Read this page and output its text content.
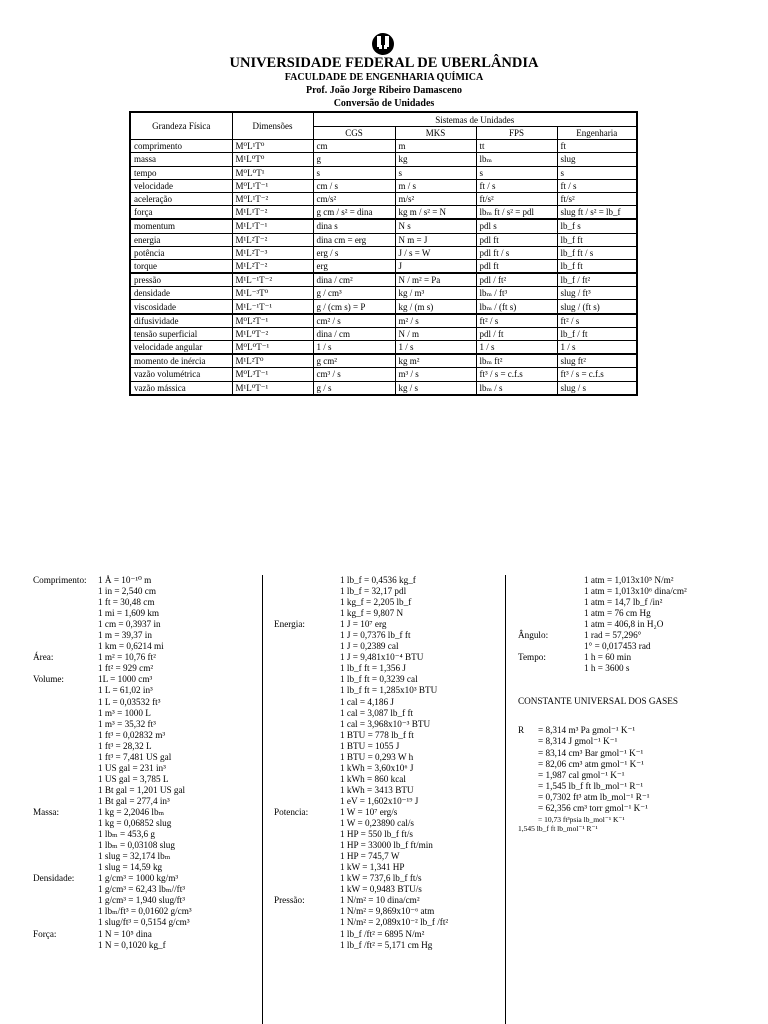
UNIVERSIDADE FEDERAL DE UBERLÂNDIA
FACULDADE DE ENGENHARIA QUÍMICA
Prof. João Jorge Ribeiro Damasceno
Conversão de Unidades
Grandeza Física	Dimensões	Sistemas de Unidades			
		CGS	MKS	FPS	Engenharia
comprimento	M⁰L¹T⁰	cm	m	tt	ft
massa	M¹L⁰T⁰	g	kg	lbₘ	slug
tempo	M⁰L⁰T¹	s	s	s	s
velocidade	M⁰L¹T⁻¹	cm / s	m / s	ft / s	ft / s
aceleração	M⁰L¹T⁻²	cm/s²	m/s²	ft/s²	ft/s²
força	M¹L¹T⁻²	g cm / s² = dina	kg m / s² = N	lbₘ ft / s² = pdl	slug ft / s² = lb_f
momentum	M¹L¹T⁻¹	dina s	N s	pdl s	lb_f s
energia	M¹L²T⁻²	dina cm = erg	N m = J	pdl ft	lb_f ft
potência	M¹L²T⁻³	erg / s	J / s = W	pdl ft / s	lb_f ft / s
torque	M¹L²T⁻²	erg	J	pdl ft	lb_f ft
pressão	M¹L⁻¹T⁻²	dina / cm²	N / m² = Pa	pdl / ft²	lb_f / ft²
densidade	M¹L⁻³T⁰	g / cm³	kg / m³	lbₘ / ft³	slug / ft³
viscosidade	M¹L⁻¹T⁻¹	g / (cm s) = P	kg / (m s)	lbₘ / (ft s)	slug / (ft s)
difusividade	M⁰L²T⁻¹	cm² / s	m² / s	ft² / s	ft² / s
tensão superficial	M¹L⁰T⁻²	dina / cm	N / m	pdl / ft	lb_f / ft
velocidade angular	M⁰L⁰T⁻¹	1 / s	1 / s	1 / s	1 / s
momento de inércia	M¹L²T⁰	g cm²	kg m²	lbₘ ft²	slug ft²
vazão volumétrica	M⁰L³T⁻¹	cm³ / s	m³ / s	ft³ / s = c.f.s	ft³ / s = c.f.s
vazão mássica	M¹L⁰T⁻¹	g / s	kg / s	lbₘ / s	slug / s
Comprimento: 1 Å = 10⁻¹⁰ m
1 in = 2,540 cm
1 ft = 30,48 cm
1 mi = 1,609 km
1 cm = 0,3937 in
1 m = 39,37 in
1 km = 0,6214 mi
Área:	1 m² = 10,76 ft²
1 ft² = 929 cm²
Volume:	1L = 1000 cm³
1 L = 61,02 in³
1 L = 0,03532 ft³
1 m³ = 1000 L
1 m³ = 35,32 ft³
1 ft³ = 0,02832 m³
1 ft³ = 28,32 L
1 ft³ = 7,481 US gal
1 US gal = 231 in³
1 US gal = 3,785 L
1 Bt gal = 1,201 US gal
1 Bt gal = 277,4 in³
Massa:	1 kg = 2,2046 lbₘ
1 kg = 0,06852 slug
1 lbₘ = 453,6 g
1 lbₘ = 0,03108 slug
1 slug = 32,174 lbₘ
1 slug = 14,59 kg
Densidade:	1 g/cm³ = 1000 kg/m³
1 g/cm³ = 62,43 lbₘ//ft³
1 g/cm³ = 1,940 slug/ft³
1 lbₘ/ft³ = 0,01602 g/cm³
1 slug/ft³ = 0,5154 g/cm³
Força:	1 N = 10⁵ dina
1 N = 0,1020 kg_f
1 lb_f = 0,4536 kg_f
1 lb_f = 32,17 pdl
1 kg_f = 2,205 lb_f
1 kg_f = 9,807 N
Energia:	1 J = 10⁷ erg
1 J = 0,7376 lb_f ft
1 J = 0,2389 cal
1 J = 9,481x10⁻⁴ BTU
1 lb_f ft = 1,356 J
1 lb_f ft = 0,3239 cal
1 lb_f ft = 1,285x10³ BTU
1 cal = 4,186 J
1 cal = 3,087 lb_f ft
1 cal = 3,968x10⁻³ BTU
1 BTU = 778 lb_f ft
1 BTU = 1055 J
1 BTU = 0,293 W h
1 kWh = 3,60x10⁶ J
1 kWh = 860 kcal
1 kWh = 3413 BTU
1 eV = 1,602x10⁻¹⁹ J
Potencia:	1 W = 10⁷ erg/s
1 W = 0,23890 cal/s
1 HP = 550 lb_f ft/s
1 HP = 33000 lb_f ft/min
1 HP = 745,7 W
1 kW = 1,341 HP
1 kW = 737,6 lb_f ft/s
1 kW = 0,9483 BTU/s
Pressão:	1 N/m² = 10 dina/cm²
1 N/m² = 9,869x10⁻⁶ atm
1 N/m² = 2,089x10⁻² lb_f /ft²
1 lb_f /ft² = 6895 N/m²
1 lb_f /ft² = 5,171 cm Hg
1 atm = 1,013x10⁵ N/m²
1 atm = 1,013x10⁶ dina/cm²
1 atm = 14,7 lb_f /in²
1 atm = 76 cm Hg
1 atm = 406,8 in H₂O
Ângulo:	1 rad = 57,296°
1° = 0,017453 rad
Tempo:	1 h = 60 min
1 h = 3600 s
CONSTANTE UNIVERSAL DOS GASES
R = 8,314 m³ Pa gmol⁻¹ K⁻¹
= 8,314 J gmol⁻¹ K⁻¹
= 83,14 cm³ Bar gmol⁻¹ K⁻¹
= 82,06 cm³ atm gmol⁻¹ K⁻¹
= 1,987 cal gmol⁻¹ K⁻¹
= 1,545 lb_f ft lb_mol⁻¹ R⁻¹
= 0,7302 ft³ atm lb_mol⁻¹ R⁻¹
= 62,356 cm³ torr gmol⁻¹ K⁻¹
= 10,73 ft³psia lb_mol⁻¹ K⁻¹
1,545 lb_f ft lb_mol⁻¹ R⁻¹
